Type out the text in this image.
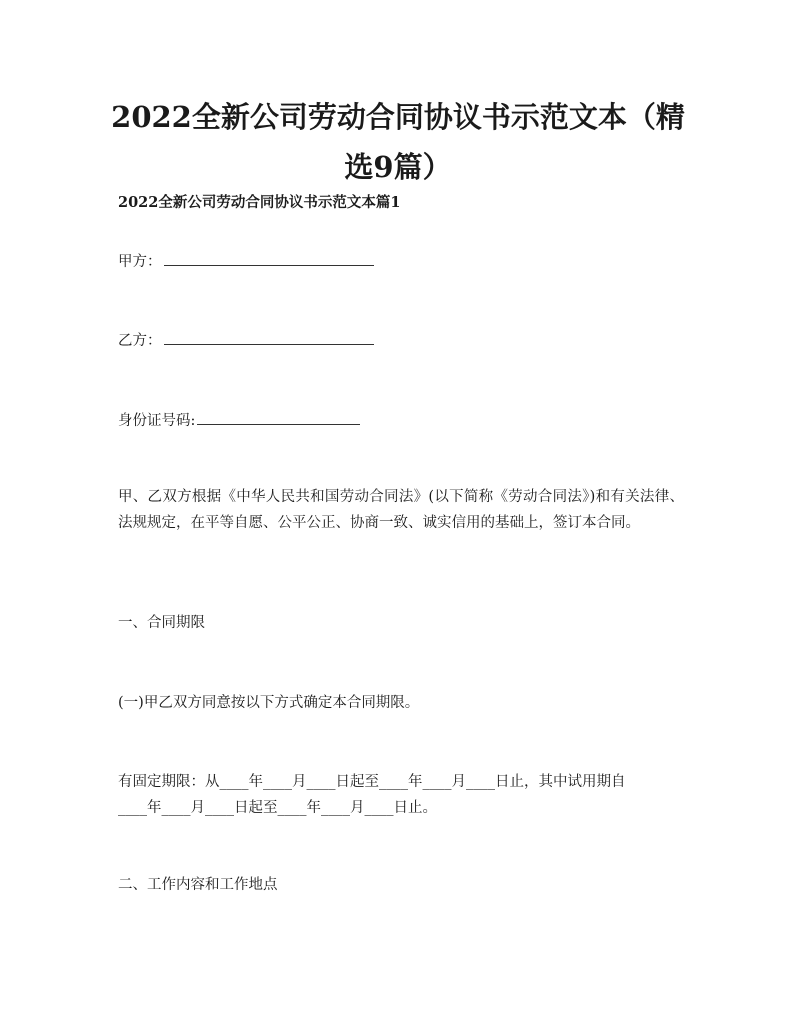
2022全新公司劳动合同协议书示范文本（精
选9篇）
2022全新公司劳动合同协议书示范文本篇1
甲方：
乙方：
身份证号码:
甲、乙双方根据《中华人民共和国劳动合同法》(以下简称《劳动合同法》)和有关法律、法规规定，在平等自愿、公平公正、协商一致、诚实信用的基础上，签订本合同。
一、合同期限
(一)甲乙双方同意按以下方式确定本合同期限。
有固定期限：从____年____月____日起至____年____月____日止，其中试用期自
____年____月____日起至____年____月____日止。
二、工作内容和工作地点
